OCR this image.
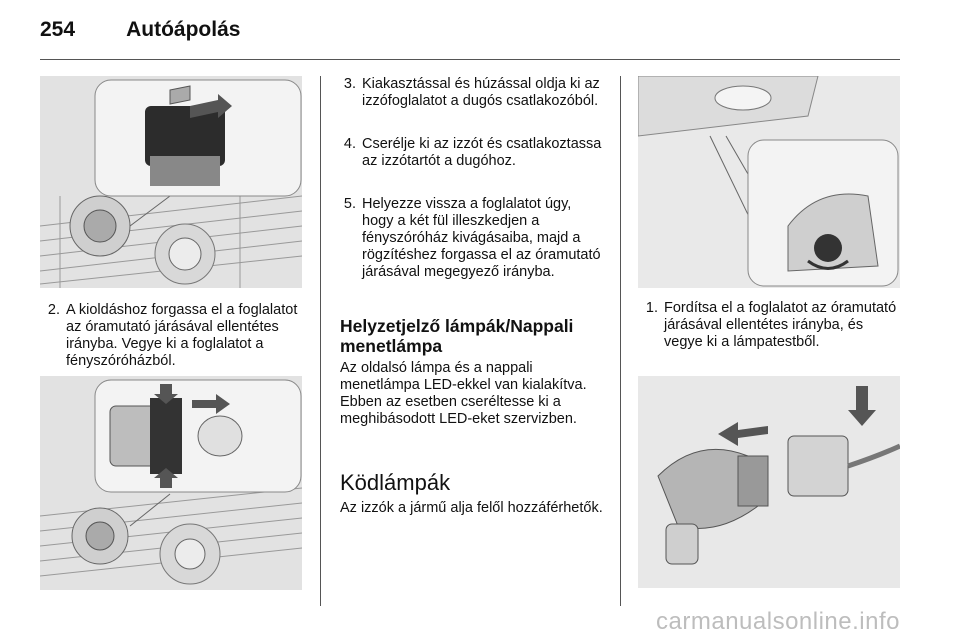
254 Autóápolás
2. A kioldáshoz forgassa el a foglalatot az óramutató járásával ellentétes irányba. Vegye ki a foglalatot a fényszóróházból.
3. Kiakasztással és húzással oldja ki az izzófoglalatot a dugós csatlakozóból.
4. Cserélje ki az izzót és csatlakoztassa az izzótartót a dugóhoz.
5. Helyezze vissza a foglalatot úgy, hogy a két fül illeszkedjen a fényszóróház kivágásaiba, majd a rögzítéshez forgassa el az óramutató járásával megegyező irányba.
Helyzetjelző lámpák/Nappali menetlámpa
Az oldalsó lámpa és a nappali menetlámpa LED-ekkel van kialakítva. Ebben az esetben cseréltesse ki a meghibásodott LED-eket szervizben.
Ködlámpák
Az izzók a jármű alja felől hozzáférhetők.
1. Fordítsa el a foglalatot az óramutató járásával ellentétes irányba, és vegye ki a lámpatestből.
carmanualsonline.info
